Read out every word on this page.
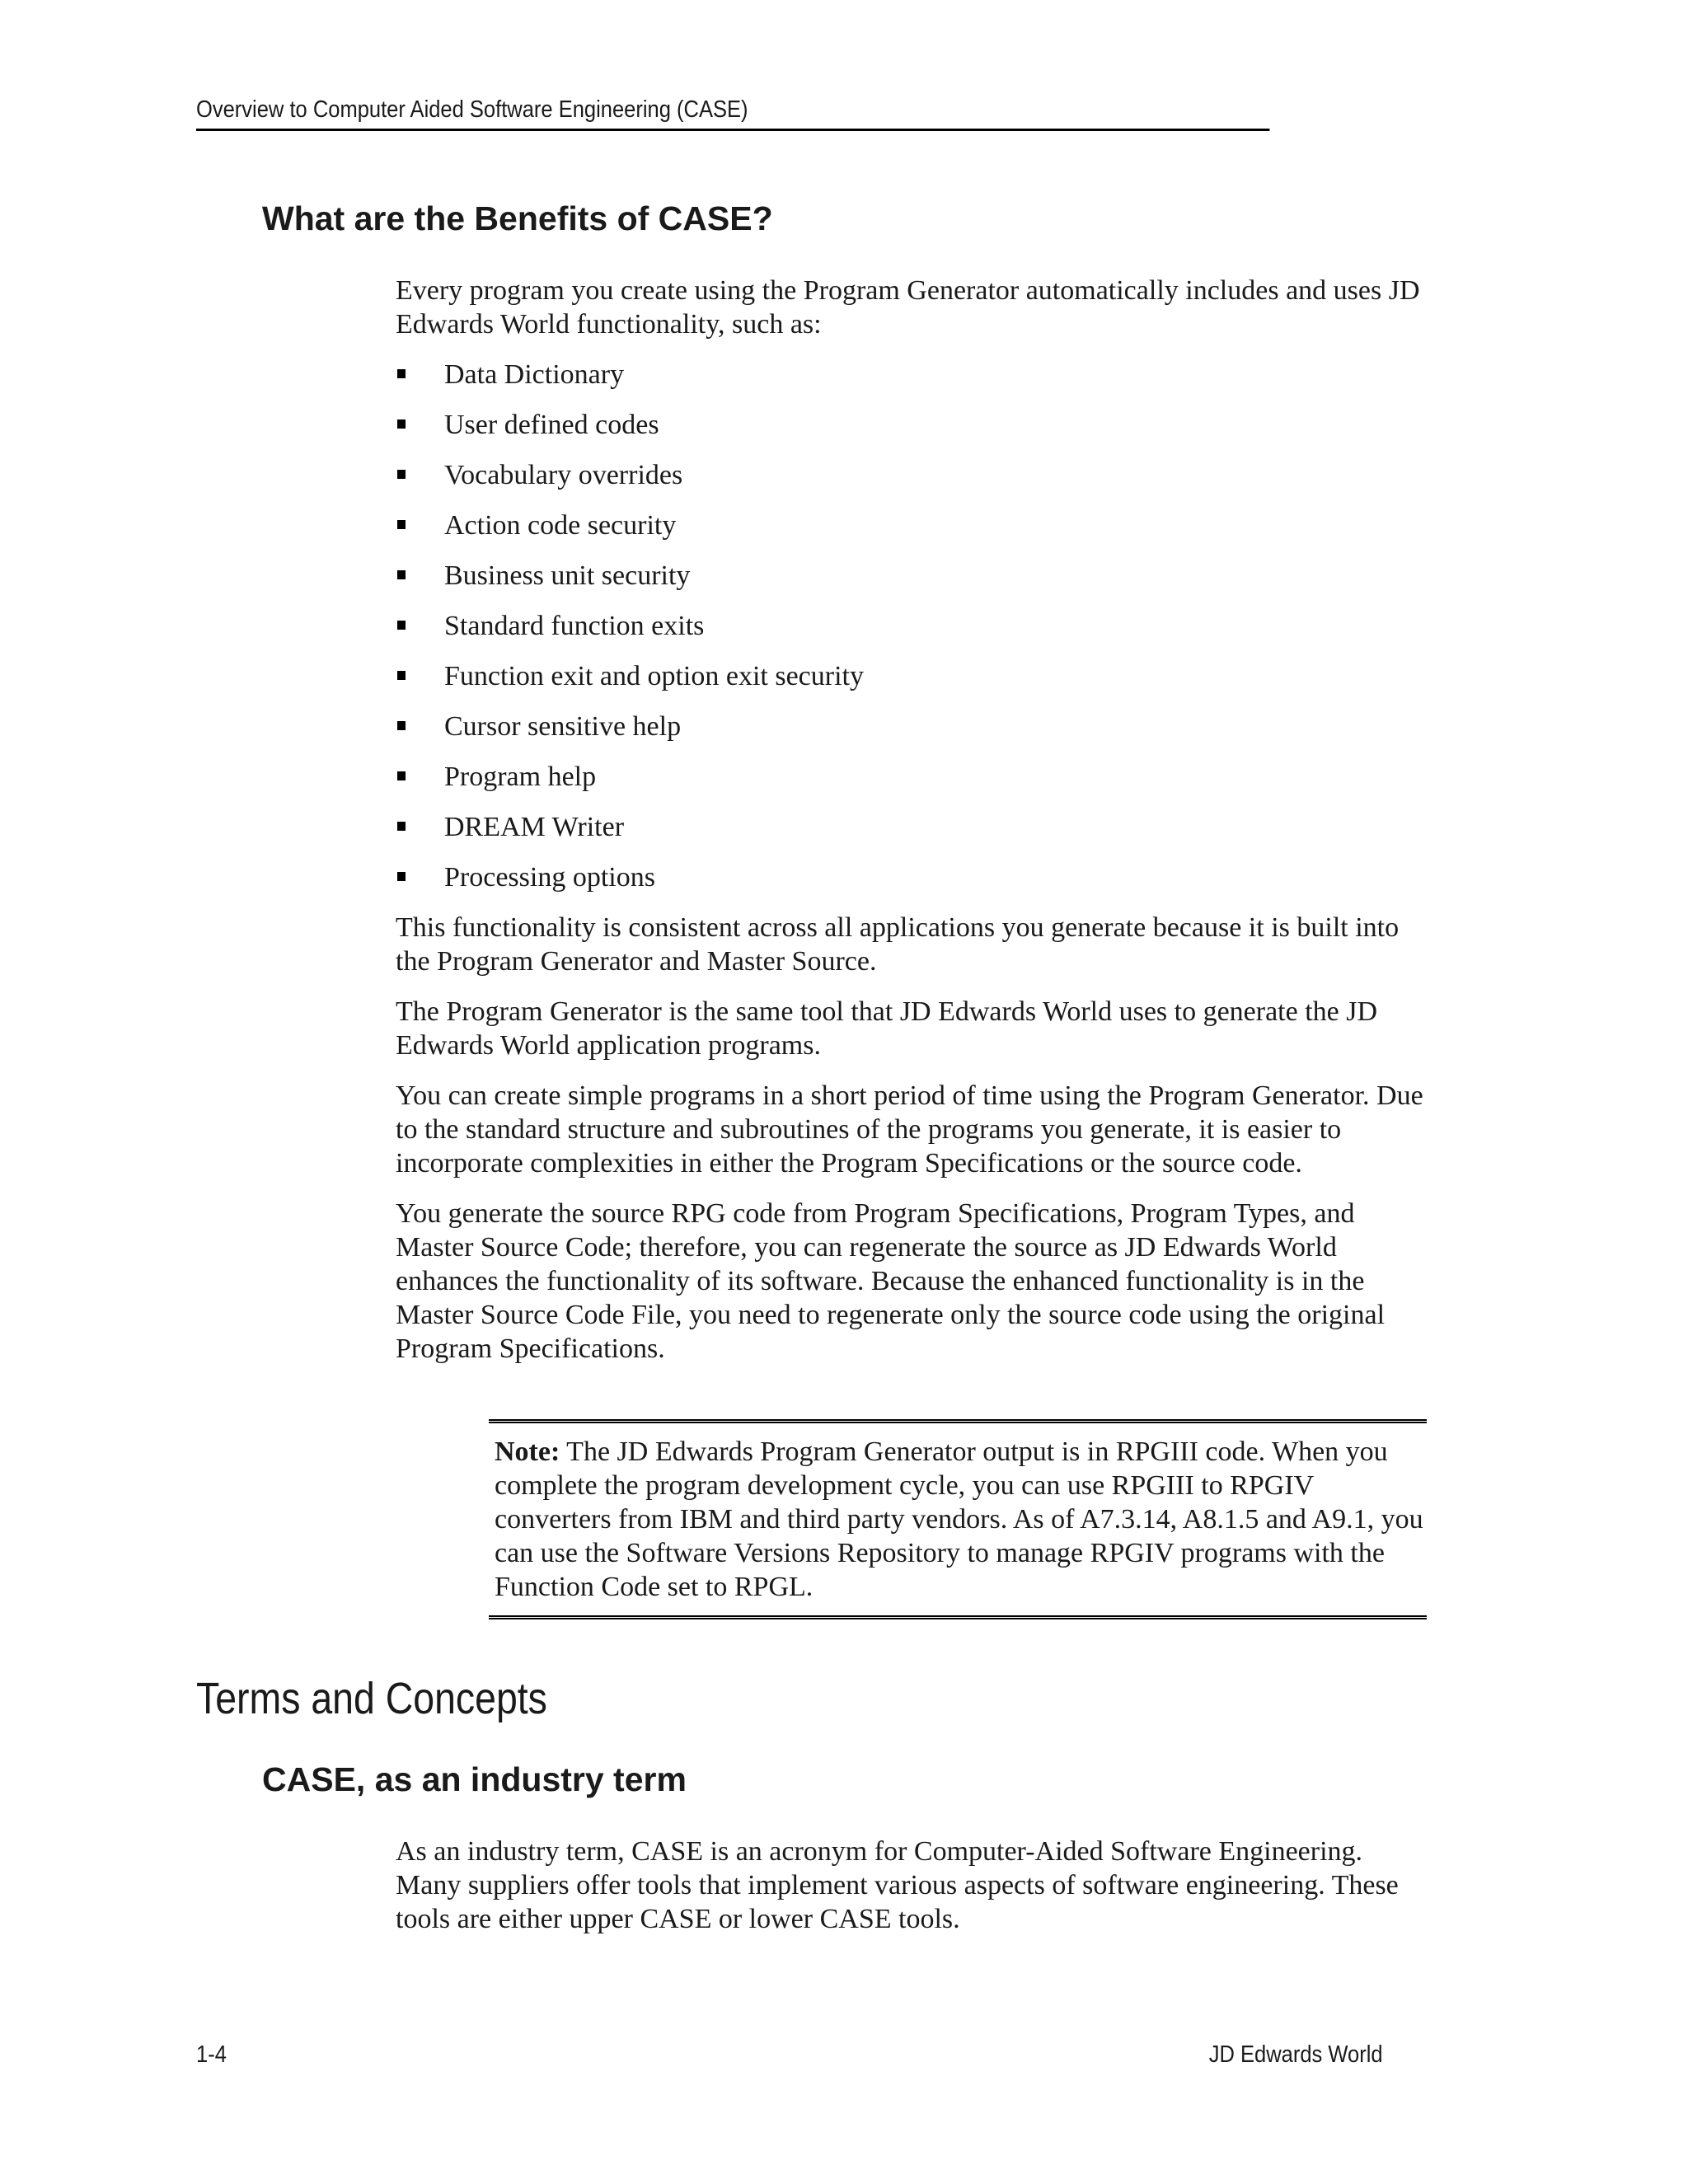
Overview to Computer Aided Software Engineering (CASE)
What are the Benefits of CASE?

Every program you create using the Program Generator automatically includes and uses JD Edwards World functionality, such as:

Data Dictionary
User defined codes
Vocabulary overrides
Action code security
Business unit security
Standard function exits
Function exit and option exit security
Cursor sensitive help
Program help
DREAM Writer
Processing options

This functionality is consistent across all applications you generate because it is built into the Program Generator and Master Source.

The Program Generator is the same tool that JD Edwards World uses to generate the JD Edwards World application programs.

You can create simple programs in a short period of time using the Program Generator. Due to the standard structure and subroutines of the programs you generate, it is easier to incorporate complexities in either the Program Specifications or the source code.

You generate the source RPG code from Program Specifications, Program Types, and Master Source Code; therefore, you can regenerate the source as JD Edwards World enhances the functionality of its software. Because the enhanced functionality is in the Master Source Code File, you need to regenerate only the source code using the original Program Specifications.

Note: The JD Edwards Program Generator output is in RPGIII code. When you complete the program development cycle, you can use RPGIII to RPGIV converters from IBM and third party vendors. As of A7.3.14, A8.1.5 and A9.1, you can use the Software Versions Repository to manage RPGIV programs with the Function Code set to RPGL.
Terms and Concepts
CASE, as an industry term

As an industry term, CASE is an acronym for Computer-Aided Software Engineering. Many suppliers offer tools that implement various aspects of software engineering. These tools are either upper CASE or lower CASE tools.

1-4	JD Edwards World
